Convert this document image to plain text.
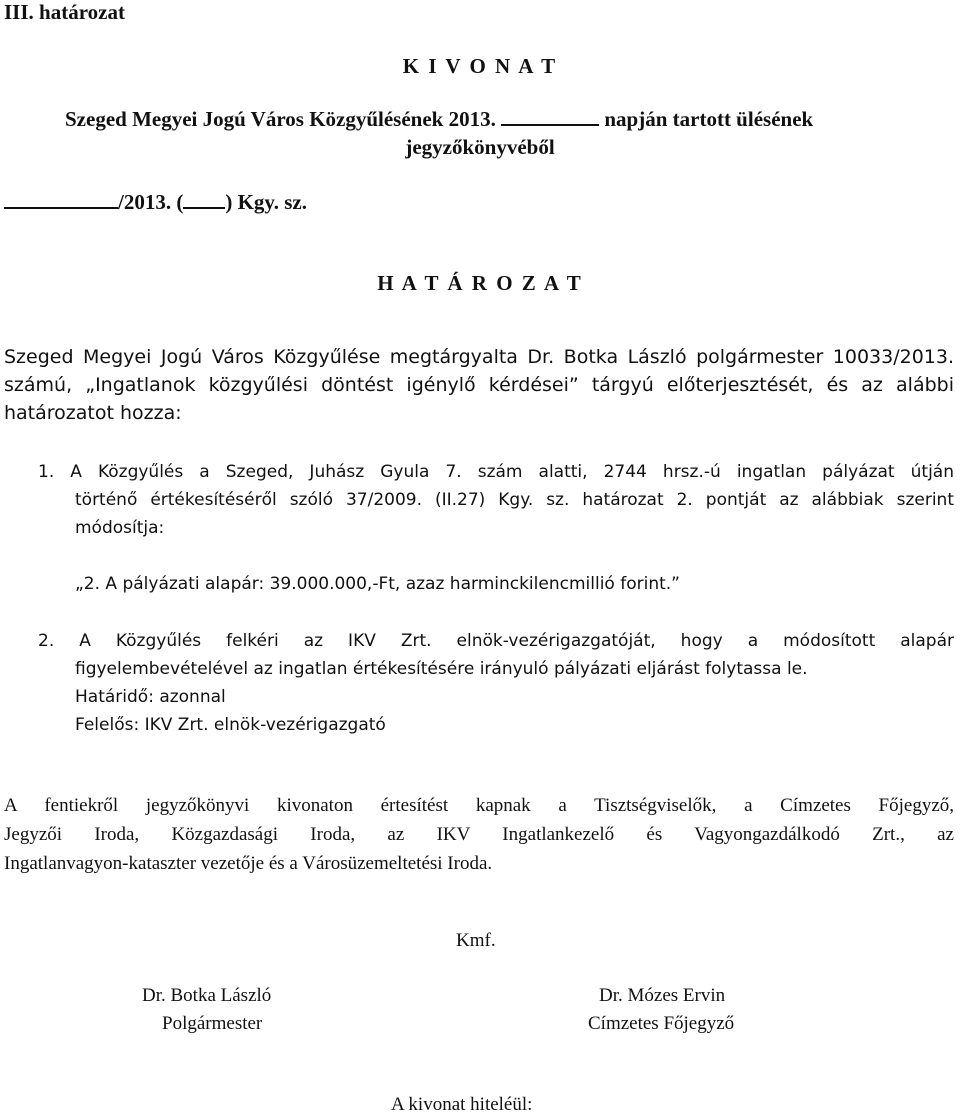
III. határozat
K I V O N A T
Szeged Megyei Jogú Város Közgyűlésének 2013.	napján tartott ülésének
jegyzőkönyvéből
/2013. ( ) Kgy. sz.
H A T Á R O Z A T
Szeged Megyei Jogú Város Közgyűlése megtárgyalta Dr. Botka László polgármester 10033/2013.
számú, „Ingatlanok közgyűlési döntést igénylő kérdései” tárgyú előterjesztését, és az alábbi
határozatot hozza:
1. A Közgyűlés a Szeged, Juhász Gyula 7. szám alatti, 2744 hrsz.-ú ingatlan pályázat útján
történő értékesítéséről szóló 37/2009. (II.27) Kgy. sz. határozat 2. pontját az alábbiak szerint
módosítja:
„2. A pályázati alapár: 39.000.000,-Ft, azaz harminckilencmillió forint.”
2. A Közgyűlés felkéri az IKV Zrt. elnök-vezérigazgatóját, hogy a módosított alapár
figyelembevételével az ingatlan értékesítésére irányuló pályázati eljárást folytassa le.
Határidő: azonnal
Felelős: IKV Zrt. elnök-vezérigazgató
A fentiekről jegyzőkönyvi kivonaton értesítést kapnak a Tisztségviselők, a Címzetes Főjegyző,
Jegyzői Iroda, Közgazdasági Iroda, az IKV Ingatlankezelő és Vagyongazdálkodó Zrt., az
Ingatlanvagyon-kataszter vezetője és a Városüzemeltetési Iroda.
Kmf.
Dr. Botka László
Polgármester
Dr. Mózes Ervin
Címzetes Főjegyző
A kivonat hiteléül:
